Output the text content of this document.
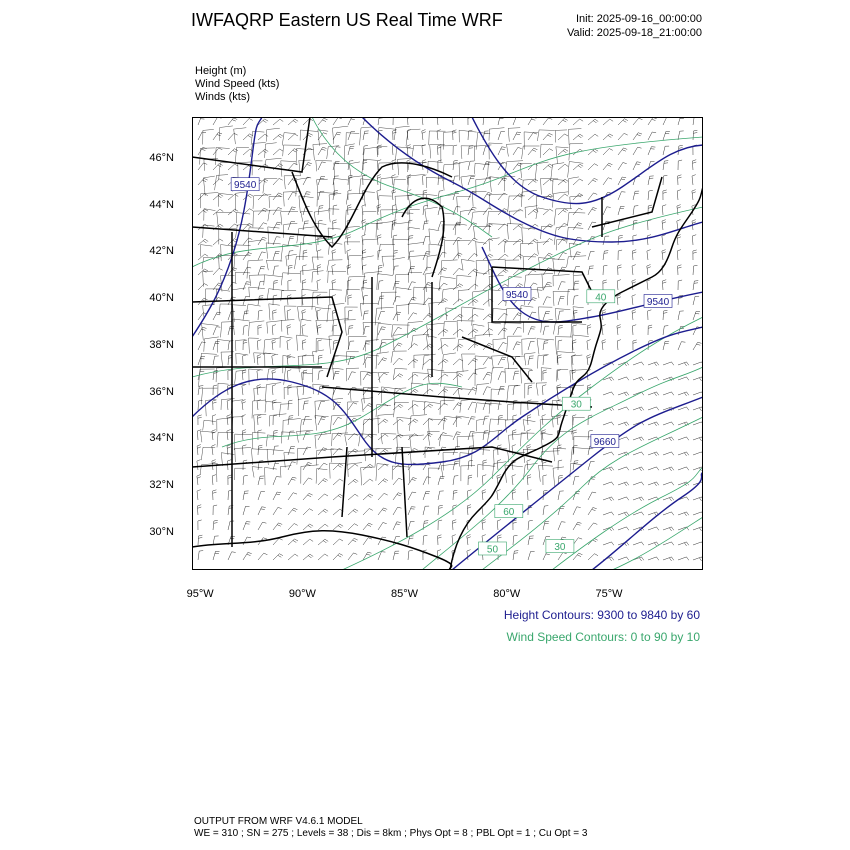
IWFAQRP Eastern US Real Time WRF	Init: 2025-09-16_00:00:00
Valid: 2025-09-18_21:00:00
Height (m)
Wind Speed (kts)
Winds (kts)
9540
9540
9540
9660
30
40
50	30
60
46°N
44°N
42°N
40°N
38°N
36°N
34°N
32°N
30°N
95°W	90°W	85°W	80°W	75°W
Height Contours: 9300 to 9840 by 60
Wind Speed Contours: 0 to 90 by 10
OUTPUT FROM WRF V4.6.1 MODEL
WE = 310 ; SN = 275 ; Levels = 38 ; Dis = 8km ; Phys Opt = 8 ; PBL Opt = 1 ; Cu Opt = 3
